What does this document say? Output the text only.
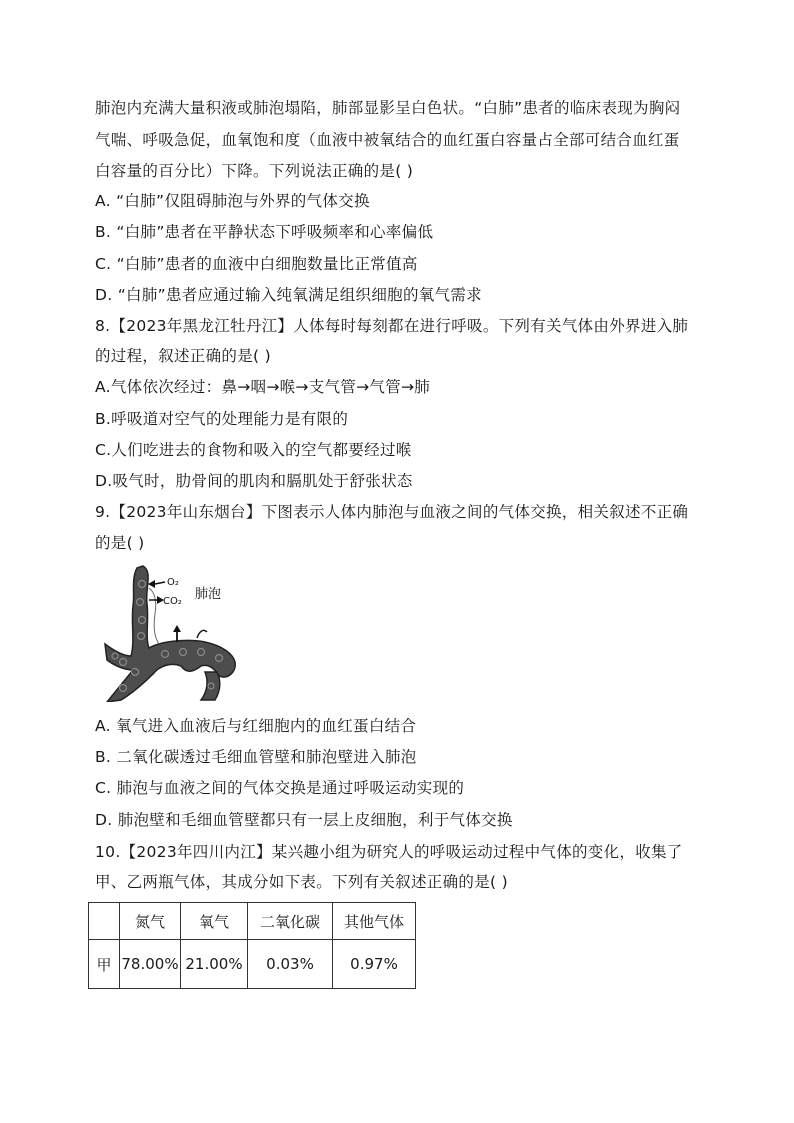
肺泡内充满大量积液或肺泡塌陷，肺部显影呈白色状。“白肺”患者的临床表现为胸闷
气喘、呼吸急促，血氧饱和度（血液中被氧结合的血红蛋白容量占全部可结合血红蛋
白容量的百分比）下降。下列说法正确的是( )
A. “白肺”仅阻碍肺泡与外界的气体交换
B. “白肺”患者在平静状态下呼吸频率和心率偏低
C. “白肺”患者的血液中白细胞数量比正常值高
D. “白肺”患者应通过输入纯氧满足组织细胞的氧气需求
8.【2023年黑龙江牡丹江】人体每时每刻都在进行呼吸。下列有关气体由外界进入肺
的过程，叙述正确的是( )
A.气体依次经过：鼻→咽→喉→支气管→气管→肺
B.呼吸道对空气的处理能力是有限的
C.人们吃进去的食物和吸入的空气都要经过喉
D.吸气时，肋骨间的肌肉和膈肌处于舒张状态
9.【2023年山东烟台】下图表示人体内肺泡与血液之间的气体交换，相关叙述不正确
的是( )
O₂
CO₂ 肺泡
A. 氧气进入血液后与红细胞内的血红蛋白结合
B. 二氧化碳透过毛细血管壁和肺泡壁进入肺泡
C. 肺泡与血液之间的气体交换是通过呼吸运动实现的
D. 肺泡壁和毛细血管壁都只有一层上皮细胞，利于气体交换
10.【2023年四川内江】某兴趣小组为研究人的呼吸运动过程中气体的变化，收集了
甲、乙两瓶气体，其成分如下表。下列有关叙述正确的是( )
	氮气	氧气	二氧化碳	其他气体
甲	78.00%	21.00%	0.03%	0.97%
